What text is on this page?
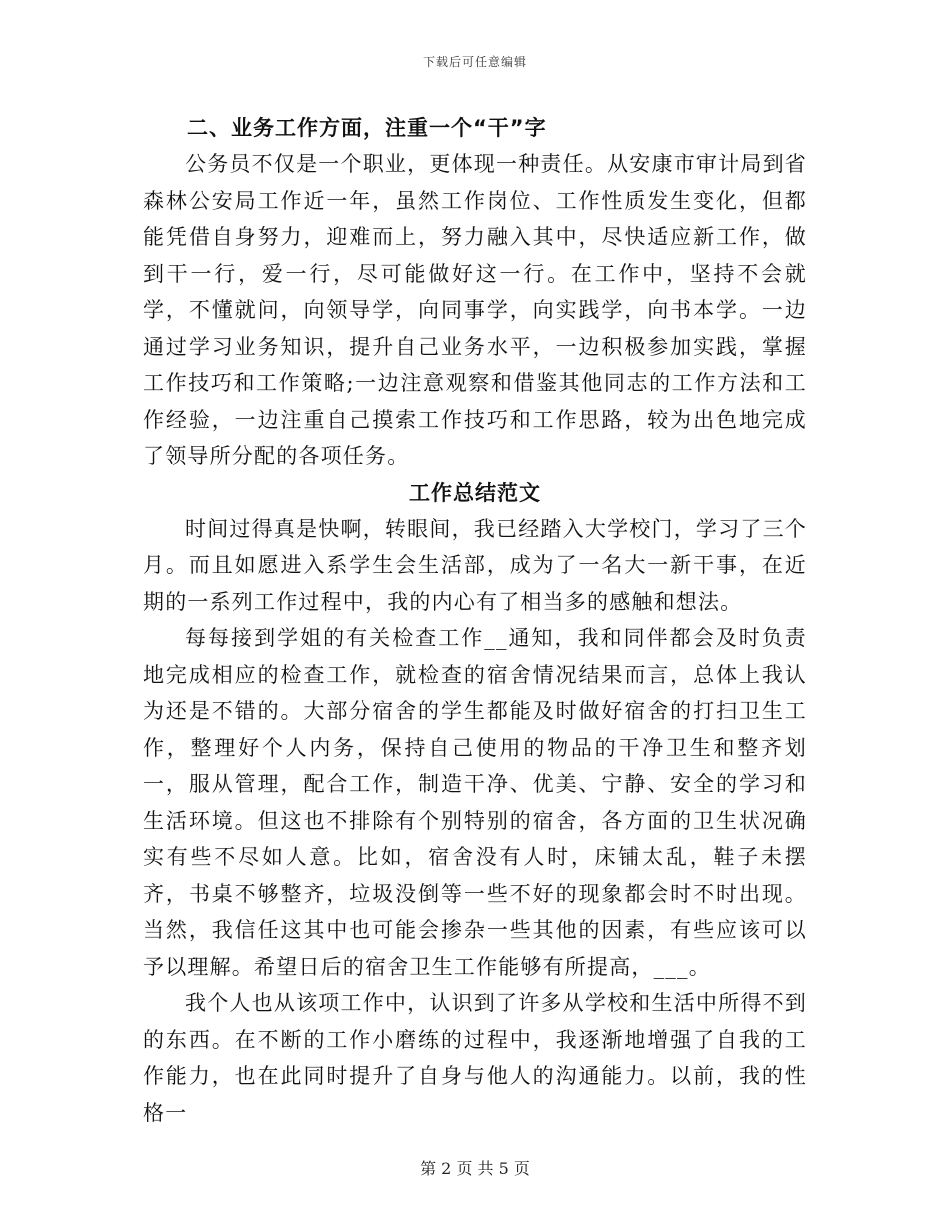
下载后可任意编辑
二、业务工作方面，注重一个“干”字

公务员不仅是一个职业，更体现一种责任。从安康市审计局到省森林公安局工作近一年，虽然工作岗位、工作性质发生变化，但都能凭借自身努力，迎难而上，努力融入其中，尽快适应新工作，做到干一行，爱一行，尽可能做好这一行。在工作中，坚持不会就学，不懂就问，向领导学，向同事学，向实践学，向书本学。一边通过学习业务知识，提升自己业务水平，一边积极参加实践，掌握工作技巧和工作策略;一边注意观察和借鉴其他同志的工作方法和工作经验，一边注重自己摸索工作技巧和工作思路，较为出色地完成了领导所分配的各项任务。

工作总结范文

时间过得真是快啊，转眼间，我已经踏入大学校门，学习了三个月。而且如愿进入系学生会生活部，成为了一名大一新干事，在近期的一系列工作过程中，我的内心有了相当多的感触和想法。

每每接到学姐的有关检查工作__通知，我和同伴都会及时负责地完成相应的检查工作，就检查的宿舍情况结果而言，总体上我认为还是不错的。大部分宿舍的学生都能及时做好宿舍的打扫卫生工作，整理好个人内务，保持自己使用的物品的干净卫生和整齐划一，服从管理，配合工作，制造干净、优美、宁静、安全的学习和生活环境。但这也不排除有个别特别的宿舍，各方面的卫生状况确实有些不尽如人意。比如，宿舍没有人时，床铺太乱，鞋子未摆齐，书桌不够整齐，垃圾没倒等一些不好的现象都会时不时出现。当然，我信任这其中也可能会掺杂一些其他的因素，有些应该可以予以理解。希望日后的宿舍卫生工作能够有所提高，___。

我个人也从该项工作中，认识到了许多从学校和生活中所得不到的东西。在不断的工作小磨练的过程中，我逐渐地增强了自我的工作能力，也在此同时提升了自身与他人的沟通能力。以前，我的性格一

第 2 页 共 5 页
